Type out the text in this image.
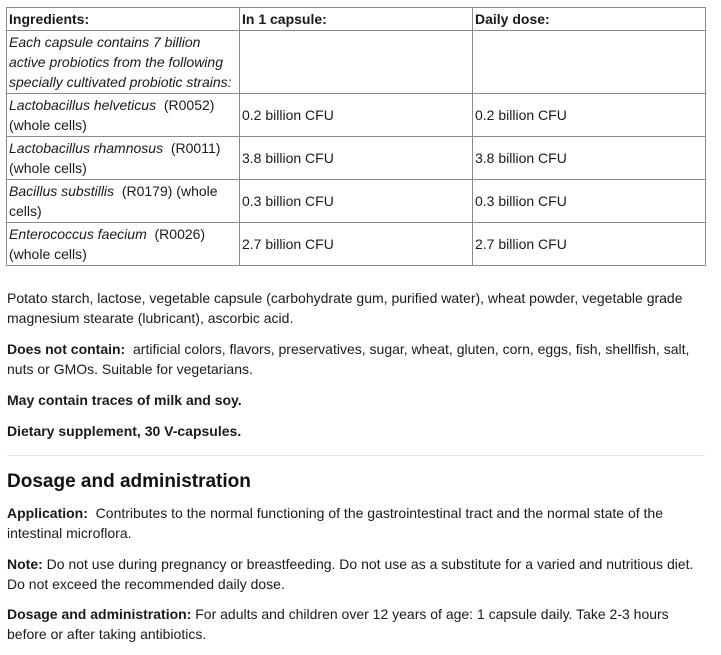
Ingredients:	In 1 capsule:	Daily dose:
Each capsule contains 7 billion active probiotics from the following specially cultivated probiotic strains:		
Lactobacillus helveticus (R0052) (whole cells)	0.2 billion CFU	0.2 billion CFU
Lactobacillus rhamnosus (R0011) (whole cells)	3.8 billion CFU	3.8 billion CFU
Bacillus substillis (R0179) (whole cells)	0.3 billion CFU	0.3 billion CFU
Enterococcus faecium (R0026) (whole cells)	2.7 billion CFU	2.7 billion CFU

Potato starch, lactose, vegetable capsule (carbohydrate gum, purified water), wheat powder, vegetable grade magnesium stearate (lubricant), ascorbic acid.

Does not contain: artificial colors, flavors, preservatives, sugar, wheat, gluten, corn, eggs, fish, shellfish, salt, nuts or GMOs. Suitable for vegetarians.

May contain traces of milk and soy.

Dietary supplement, 30 V-capsules.

Dosage and administration

Application: Contributes to the normal functioning of the gastrointestinal tract and the normal state of the intestinal microflora.

Note: Do not use during pregnancy or breastfeeding. Do not use as a substitute for a varied and nutritious diet. Do not exceed the recommended daily dose.

Dosage and administration: For adults and children over 12 years of age: 1 capsule daily. Take 2-3 hours before or after taking antibiotics.
